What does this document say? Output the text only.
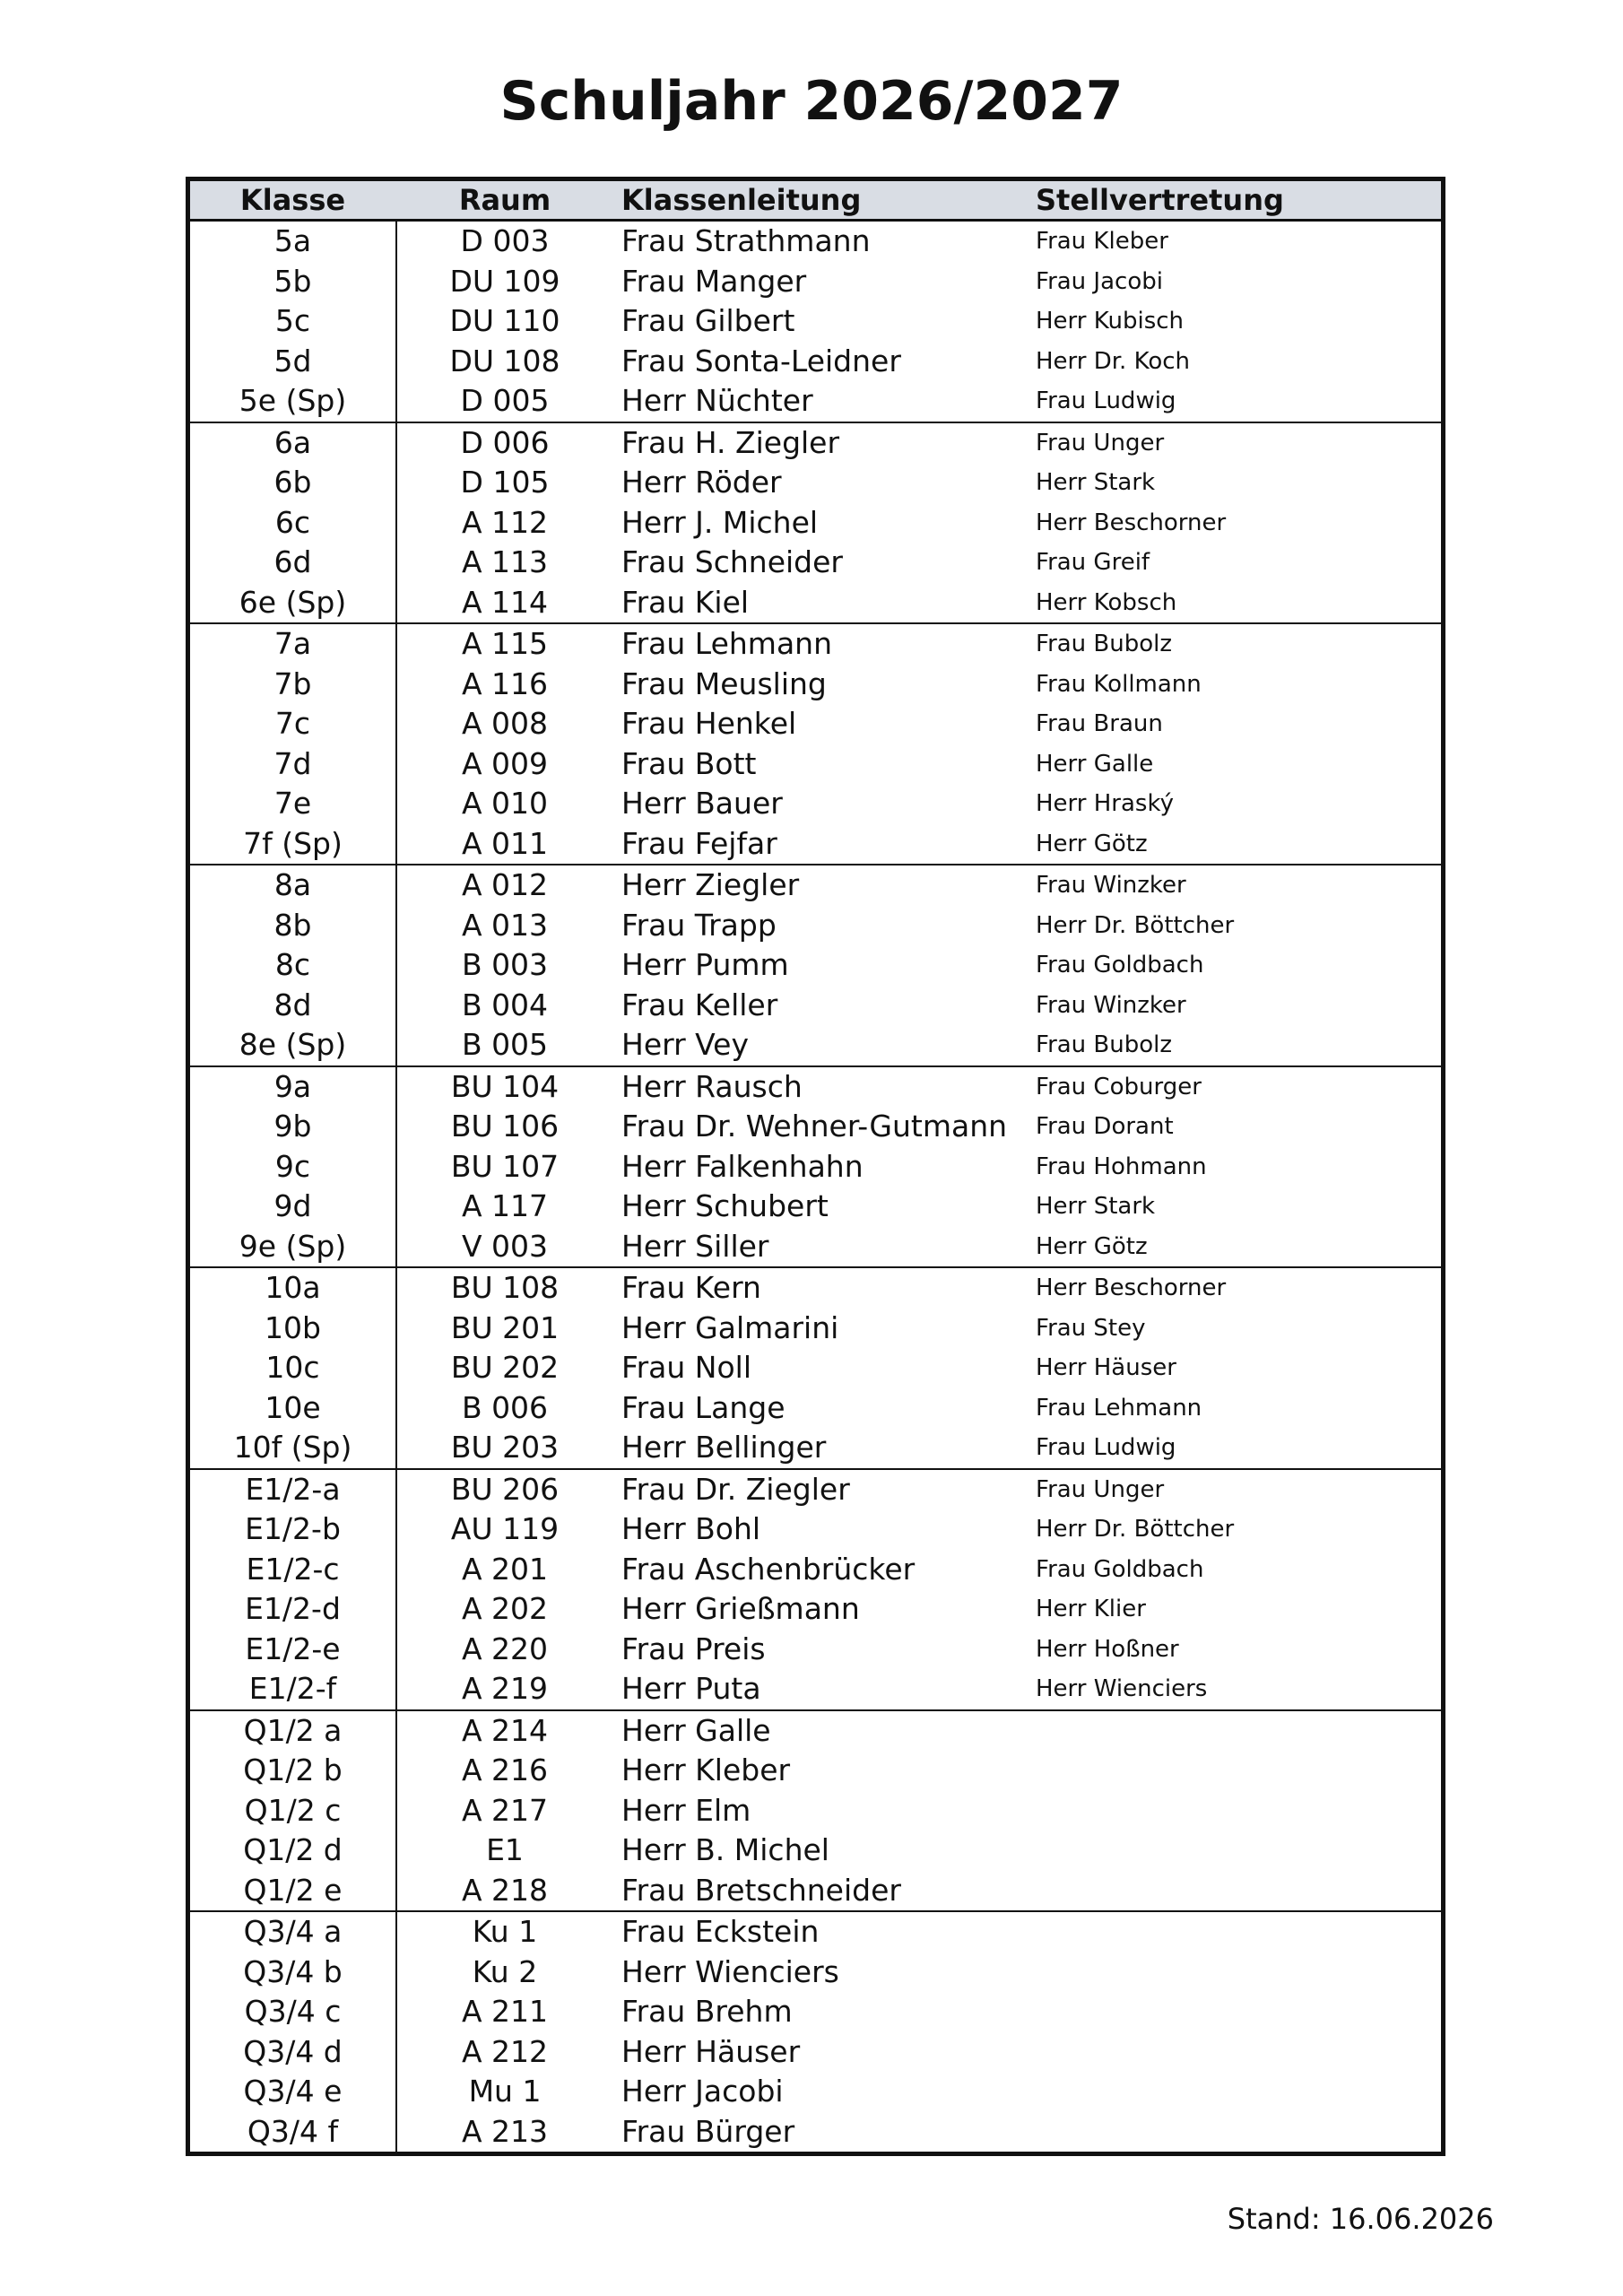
Schuljahr 2026/2027
Klasse	Raum	Klassenleitung	Stellvertretung
5a	D 003	Frau Strathmann	Frau Kleber
5b	DU 109	Frau Manger	Frau Jacobi
5c	DU 110	Frau Gilbert	Herr Kubisch
5d	DU 108	Frau Sonta-Leidner	Herr Dr. Koch
5e (Sp)	D 005	Herr Nüchter	Frau Ludwig
6a	D 006	Frau H. Ziegler	Frau Unger
6b	D 105	Herr Röder	Herr Stark
6c	A 112	Herr J. Michel	Herr Beschorner
6d	A 113	Frau Schneider	Frau Greif
6e (Sp)	A 114	Frau Kiel	Herr Kobsch
7a	A 115	Frau Lehmann	Frau Bubolz
7b	A 116	Frau Meusling	Frau Kollmann
7c	A 008	Frau Henkel	Frau Braun
7d	A 009	Frau Bott	Herr Galle
7e	A 010	Herr Bauer	Herr Hraský
7f (Sp)	A 011	Frau Fejfar	Herr Götz
8a	A 012	Herr Ziegler	Frau Winzker
8b	A 013	Frau Trapp	Herr Dr. Böttcher
8c	B 003	Herr Pumm	Frau Goldbach
8d	B 004	Frau Keller	Frau Winzker
8e (Sp)	B 005	Herr Vey	Frau Bubolz
9a	BU 104	Herr Rausch	Frau Coburger
9b	BU 106	Frau Dr. Wehner-Gutmann	Frau Dorant
9c	BU 107	Herr Falkenhahn	Frau Hohmann
9d	A 117	Herr Schubert	Herr Stark
9e (Sp)	V 003	Herr Siller	Herr Götz
10a	BU 108	Frau Kern	Herr Beschorner
10b	BU 201	Herr Galmarini	Frau Stey
10c	BU 202	Frau Noll	Herr Häuser
10e	B 006	Frau Lange	Frau Lehmann
10f (Sp)	BU 203	Herr Bellinger	Frau Ludwig
E1/2-a	BU 206	Frau Dr. Ziegler	Frau Unger
E1/2-b	AU 119	Herr Bohl	Herr Dr. Böttcher
E1/2-c	A 201	Frau Aschenbrücker	Frau Goldbach
E1/2-d	A 202	Herr Grießmann	Herr Klier
E1/2-e	A 220	Frau Preis	Herr Hoßner
E1/2-f	A 219	Herr Puta	Herr Wienciers
Q1/2 a	A 214	Herr Galle
Q1/2 b	A 216	Herr Kleber
Q1/2 c	A 217	Herr Elm
Q1/2 d	E1	Herr B. Michel
Q1/2 e	A 218	Frau Bretschneider
Q3/4 a	Ku 1	Frau Eckstein
Q3/4 b	Ku 2	Herr Wienciers
Q3/4 c	A 211	Frau Brehm
Q3/4 d	A 212	Herr Häuser
Q3/4 e	Mu 1	Herr Jacobi
Q3/4 f	A 213	Frau Bürger
Stand: 16.06.2026
